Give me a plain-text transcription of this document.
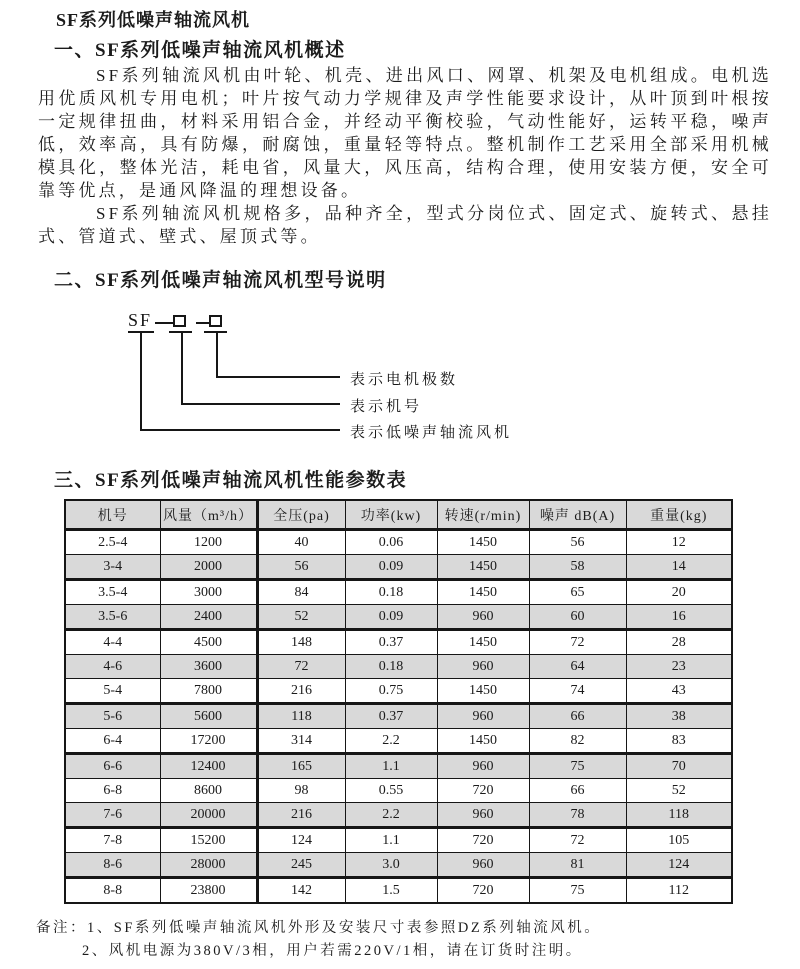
SF系列低噪声轴流风机
一、SF系列低噪声轴流风机概述

SF系列轴流风机由叶轮、机壳、进出风口、网罩、机架及电机组成。电机选用优质风机专用电机；叶片按气动力学规律及声学性能要求设计，从叶顶到叶根按一定规律扭曲，材料采用铝合金，并经动平衡校验，气动性能好，运转平稳，噪声低，效率高，具有防爆，耐腐蚀，重量轻等特点。整机制作工艺采用全部采用机械模具化，整体光洁，耗电省，风量大，风压高，结构合理，使用安装方便，安全可靠等优点，是通风降温的理想设备。

SF系列轴流风机规格多，品种齐全，型式分岗位式、固定式、旋转式、悬挂式、管道式、壁式、屋顶式等。

二、SF系列低噪声轴流风机型号说明
SF
表示电机极数
表示机号
表示低噪声轴流风机
三、SF系列低噪声轴流风机性能参数表
机号	风量（m³/h）	全压(pa)	功率(kw)	转速(r/min)	噪声 dB(A)	重量(kg)
2.5-4	1200	40	0.06	1450	56	12
3-4	2000	56	0.09	1450	58	14
3.5-4	3000	84	0.18	1450	65	20
3.5-6	2400	52	0.09	960	60	16
4-4	4500	148	0.37	1450	72	28
4-6	3600	72	0.18	960	64	23
5-4	7800	216	0.75	1450	74	43
5-6	5600	118	0.37	960	66	38
6-4	17200	314	2.2	1450	82	83
6-6	12400	165	1.1	960	75	70
6-8	8600	98	0.55	720	66	52
7-6	20000	216	2.2	960	78	118
7-8	15200	124	1.1	720	72	105
8-6	28000	245	3.0	960	81	124
8-8	23800	142	1.5	720	75	112

备注：1、SF系列低噪声轴流风机外形及安装尺寸表参照DZ系列轴流风机。

2、风机电源为380V/3相，用户若需220V/1相，请在订货时注明。
